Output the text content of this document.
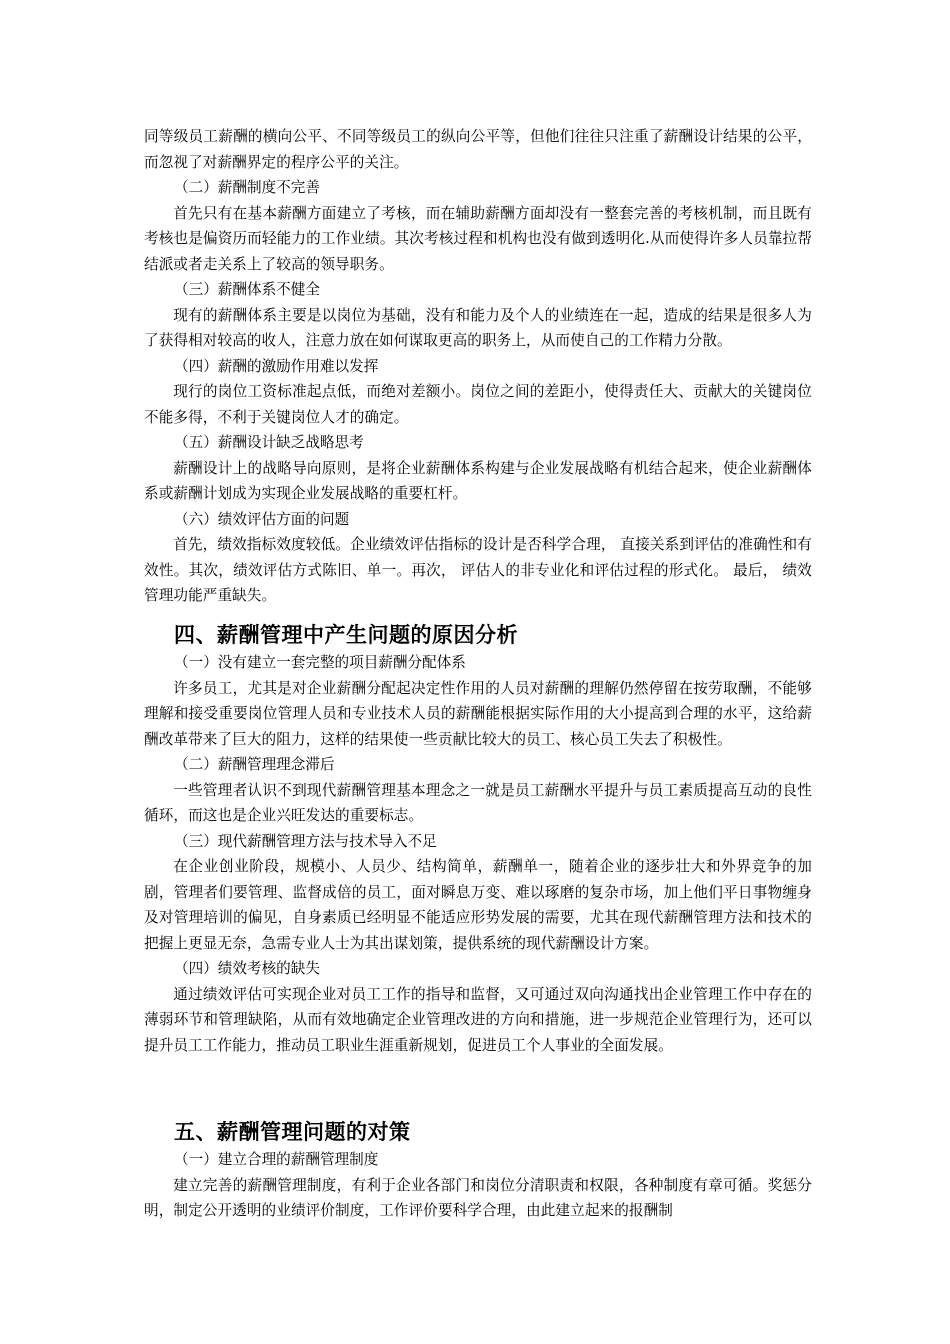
同等级员工薪酬的横向公平、不同等级员工的纵向公平等，但他们往往只注重了薪酬设计结果的公平，而忽视了对薪酬界定的程序公平的关注。

（二）薪酬制度不完善

首先只有在基本薪酬方面建立了考核，而在辅助薪酬方面却没有一整套完善的考核机制，而且既有考核也是偏资历而轻能力的工作业绩。其次考核过程和机构也没有做到透明化.从而使得许多人员靠拉帮结派或者走关系上了较高的领导职务。

（三）薪酬体系不健全

现有的薪酬体系主要是以岗位为基础，没有和能力及个人的业绩连在一起，造成的结果是很多人为了获得相对较高的收人，注意力放在如何谋取更高的职务上，从而使自己的工作精力分散。

（四）薪酬的激励作用难以发挥

现行的岗位工资标准起点低，而绝对差额小。岗位之间的差距小，使得责任大、贡献大的关键岗位不能多得，不利于关键岗位人才的确定。

（五）薪酬设计缺乏战略思考

薪酬设计上的战略导向原则，是将企业薪酬体系构建与企业发展战略有机结合起来，使企业薪酬体系或薪酬计划成为实现企业发展战略的重要杠杆。

（六）绩效评估方面的问题

首先，绩效指标效度较低。企业绩效评估指标的设计是否科学合理， 直接关系到评估的准确性和有效性。其次，绩效评估方式陈旧、单一。再次， 评估人的非专业化和评估过程的形式化。 最后， 绩效管理功能严重缺失。

四、薪酬管理中产生问题的原因分析

（一）没有建立一套完整的项目薪酬分配体系

许多员工，尤其是对企业薪酬分配起决定性作用的人员对薪酬的理解仍然停留在按劳取酬，不能够理解和接受重要岗位管理人员和专业技术人员的薪酬能根据实际作用的大小提高到合理的水平，这给薪酬改革带来了巨大的阻力，这样的结果使一些贡献比较大的员工、核心员工失去了积极性。

（二）薪酬管理理念滞后

一些管理者认识不到现代薪酬管理基本理念之一就是员工薪酬水平提升与员工素质提高互动的良性循环，而这也是企业兴旺发达的重要标志。

（三）现代薪酬管理方法与技术导入不足

在企业创业阶段，规模小、人员少、结构简单，薪酬单一，随着企业的逐步壮大和外界竞争的加剧，管理者们要管理、监督成倍的员工，面对瞬息万变、难以琢磨的复杂市场，加上他们平日事物缠身及对管理培训的偏见，自身素质已经明显不能适应形势发展的需要，尤其在现代薪酬管理方法和技术的把握上更显无奈，急需专业人士为其出谋划策，提供系统的现代薪酬设计方案。

（四）绩效考核的缺失

通过绩效评估可实现企业对员工工作的指导和监督，又可通过双向沟通找出企业管理工作中存在的薄弱环节和管理缺陷，从而有效地确定企业管理改进的方向和措施，进一步规范企业管理行为，还可以提升员工工作能力，推动员工职业生涯重新规划，促进员工个人事业的全面发展。

五、薪酬管理问题的对策

（一）建立合理的薪酬管理制度

建立完善的薪酬管理制度，有利于企业各部门和岗位分清职责和权限，各种制度有章可循。奖惩分明，制定公开透明的业绩评价制度，工作评价要科学合理，由此建立起来的报酬制
